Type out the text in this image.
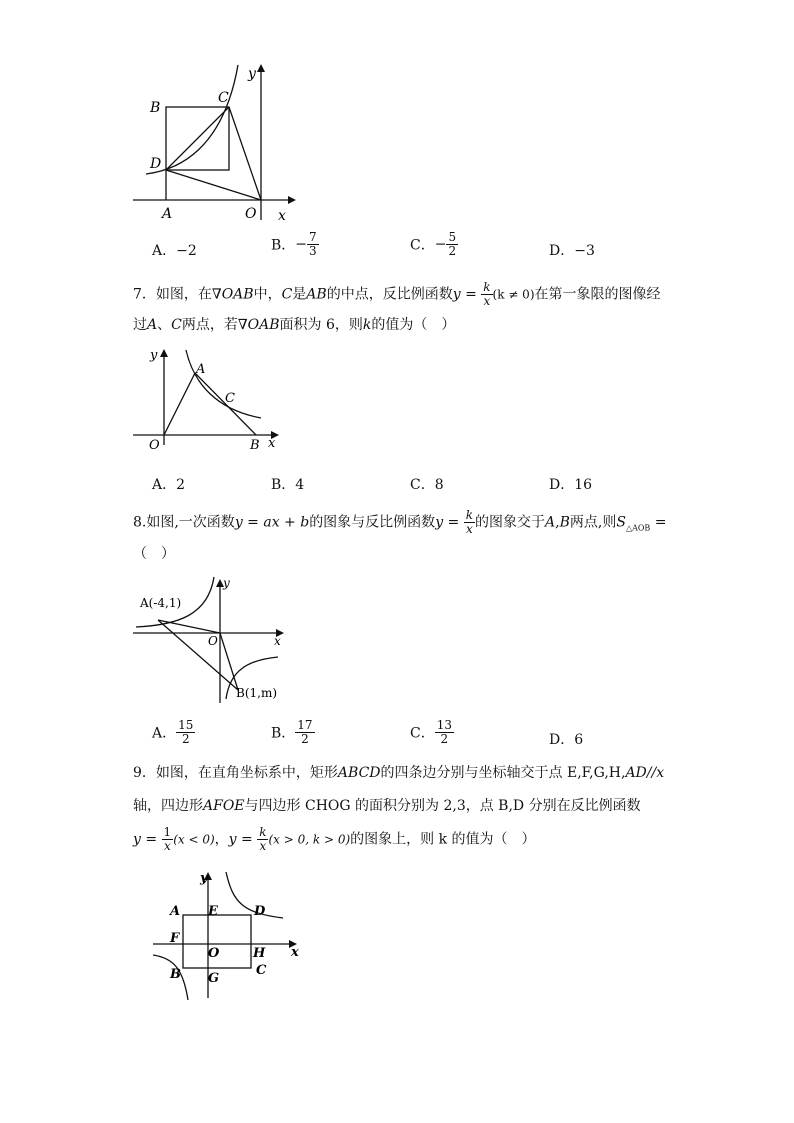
y
x
B
C
D
A	O
A．−2	B．− $\frac{7}{3}$	C．− $\frac{5}{2}$	D．−3
7．如图，在∇OAB中，C是AB的中点，反比例函数$y = \frac{k}{x} (k \ne 0)$在第一象限的图像经
过A、C两点，若∇OAB面积为 6，则k的值为（　）
y
A
C
O	B x
A．2	B．4	C．8	D．16
8.如图,一次函数y = ax + b的图象与反比例函数$y = \frac{k}{x}$ 的图象交于A,B两点,则$S_{\triangle AOB}$ =
（　）
A(-4,1)
y
O	x
B(1,m)
A． $\frac{15}{2}$	B． $\frac{17}{2}$	C． $\frac{13}{2}$	D．6
9．如图，在直角坐标系中，矩形ABCD的四条边分别与坐标轴交于点 E,F,G,H,AD//x
轴，四边形AFOE与四边形 CHOG 的面积分别为 2,3，点 B,D 分别在反比例函数
$y = \frac{1}{x} (x < 0)$，$y = \frac{k}{x} (x > 0$, k > 0)的图象上，则 k 的值为（　）
y
A E	D
F
O	H x
B G
C
